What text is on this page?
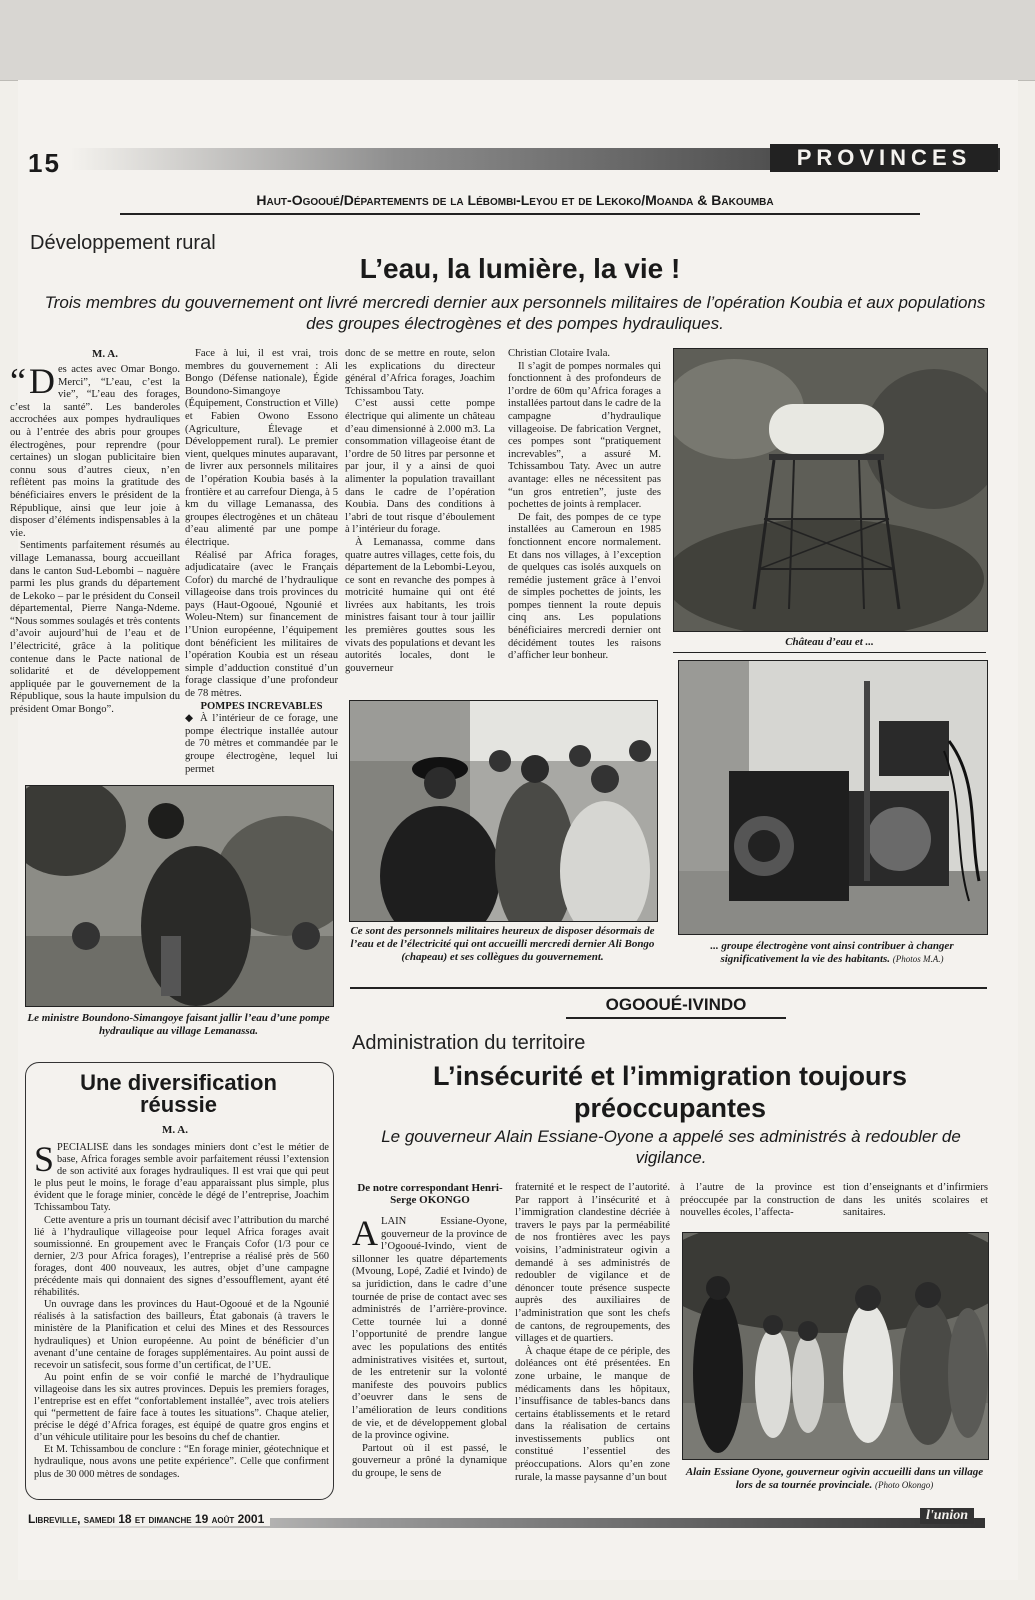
15	PROVINCES
Haut-Ogooué/Départements de la Lébombi-Leyou et de Lekoko/Moanda & Bakoumba
Développement rural
L’eau, la lumière, la vie !
Trois membres du gouvernement ont livré mercredi dernier aux personnels militaires de l’opération Koubia et aux populations des groupes électrogènes et des pompes hydrauliques.
M. A.

“ D es actes avec Omar Bongo. Merci”, “L’eau, c’est la vie”, “L’eau des forages, c’est la santé”. Les banderoles accrochées aux pompes hydrauliques ou à l’entrée des abris pour groupes électrogènes, pour reprendre (pour certaines) un slogan publicitaire bien connu sous d’autres cieux, n’en reflètent pas moins la gratitude des bénéficiaires envers le président de la République, ainsi que leur joie à disposer d’éléments indispensables à la vie.

Sentiments parfaitement résumés au village Lemanassa, bourg accueillant dans le canton Sud-Lebombi – naguère parmi les plus grands du département de Lekoko – par le président du Conseil départemental, Pierre Nanga-Ndeme. “Nous sommes soulagés et très contents d’avoir aujourd’hui de l’eau et de l’électricité, grâce à la politique contenue dans le Pacte national de solidarité et de développement appliquée par le gouvernement de la République, sous la haute impulsion du président Omar Bongo”.

Face à lui, il est vrai, trois membres du gouvernement : Ali Bongo (Défense nationale), Égide Boundono-Simangoye (Équipement, Construction et Ville) et Fabien Owono Essono (Agriculture, Élevage et Développement rural). Le premier vient, quelques minutes auparavant, de livrer aux personnels militaires de l’opération Koubia basés à la frontière et au carrefour Dienga, à 5 km du village Lemanassa, des groupes électrogènes et un château d’eau alimenté par une pompe électrique.

Réalisé par Africa forages, adjudicataire (avec le Français Cofor) du marché de l’hydraulique villageoise dans trois provinces du pays (Haut-Ogooué, Ngounié et Woleu-Ntem) sur financement de l’Union européenne, l’équipement dont bénéficient les militaires de l’opération Koubia est un réseau simple d’adduction constitué d’un forage classique d’une profondeur de 78 mètres.

POMPES INCREVABLES

◆ À l’intérieur de ce forage, une pompe électrique installée autour de 70 mètres et commandée par le groupe électrogène, lequel lui permet

donc de se mettre en route, selon les explications du directeur général d’Africa forages, Joachim Tchissambou Taty.

C’est aussi cette pompe électrique qui alimente un château d’eau dimensionné à 2.000 m3. La consommation villageoise étant de l’ordre de 50 litres par personne et par jour, il y a ainsi de quoi alimenter la population travaillant dans le cadre de l’opération Koubia. Dans des conditions à l’abri de tout risque d’éboulement à l’intérieur du forage.

À Lemanassa, comme dans quatre autres villages, cette fois, du département de la Lebombi-Leyou, ce sont en revanche des pompes à motricité humaine qui ont été livrées aux habitants, les trois ministres faisant tour à tour jaillir les premières gouttes sous les vivats des populations et devant les autorités locales, dont le gouverneur

Christian Clotaire Ivala.

Il s’agit de pompes normales qui fonctionnent à des profondeurs de l’ordre de 60m qu’Africa forages a installées partout dans le cadre de la campagne d’hydraulique villageoise. De fabrication Vergnet, ces pompes sont “pratiquement increvables”, a assuré M. Tchissambou Taty. Avec un autre avantage: elles ne nécessitent pas “un gros entretien”, juste des pochettes de joints à remplacer.

De fait, des pompes de ce type installées au Cameroun en 1985 fonctionnent encore normalement. Et dans nos villages, à l’exception de quelques cas isolés auxquels on remédie justement grâce à l’envoi de simples pochettes de joints, les pompes tiennent la route depuis cinq ans. Les populations bénéficiaires mercredi dernier ont décidément toutes les raisons d’afficher leur bonheur.

Château d’eau et ...
... groupe électrogène vont ainsi contribuer à changer significativement la vie des habitants. (Photos M.A.)
Ce sont des personnels militaires heureux de disposer désormais de l’eau et de l’électricité qui ont accueilli mercredi dernier Ali Bongo (chapeau) et ses collègues du gouvernement.
Le ministre Boundono-Simangoye faisant jallir l’eau d’une pompe hydraulique au village Lemanassa.
Une diversification réussie
M. A.

SPECIALISÉ dans les sondages miniers dont c’est le métier de base, Africa forages semble avoir parfaitement réussi l’extension de son activité aux forages hydrauliques. Il est vrai que qui peut le plus peut le moins, le forage d’eau apparaissant plus simple, plus évident que le forage minier, concède le dégé de l’entreprise, Joachim Tchissambou Taty.

Cette aventure a pris un tournant décisif avec l’attribution du marché lié à l’hydraulique villageoise pour lequel Africa forages avait soumissionné. En groupement avec le Français Cofor (1/3 pour ce dernier, 2/3 pour Africa forages), l’entreprise a réalisé près de 560 forages, dont 400 nouveaux, les autres, objet d’une campagne précédente mais qui donnaient des signes d’essoufflement, ayant été réhabilités.

Un ouvrage dans les provinces du Haut-Ogooué et de la Ngounié réalisés à la satisfaction des bailleurs, État gabonais (à travers le ministère de la Planification et celui des Mines et des Ressources hydrauliques) et Union européenne. Au point de bénéficier d’un avenant d’une centaine de forages supplémentaires. Au point aussi de recevoir un satisfecit, sous forme d’un certificat, de l’UE.

Au point enfin de se voir confié le marché de l’hydraulique villageoise dans les six autres provinces. Depuis les premiers forages, l’entreprise est en effet “confortablement installée”, avec trois ateliers qui “permettent de faire face à toutes les situations”. Chaque atelier, précise le dégé d’Africa forages, est équipé de quatre gros engins et d’un véhicule utilitaire pour les besoins du chef de chantier.

Et M. Tchissambou de conclure : “En forage minier, géotechnique et hydraulique, nous avons une petite expérience”. Celle que confirment plus de 30 000 mètres de sondages.

OGOOUÉ-IVINDO
Administration du territoire
L’insécurité et l’immigration toujours préoccupantes
Le gouverneur Alain Essiane-Oyone a appelé ses administrés à redoubler de vigilance.
De notre correspondant Henri-Serge OKONGO

ALAIN Essiane-Oyone, gouverneur de la province de l’Ogooué-Ivindo, vient de sillonner les quatre départements (Mvoung, Lopé, Zadié et Ivindo) de sa juridiction, dans le cadre d’une tournée de prise de contact avec ses administrés de l’arrière-province. Cette tournée lui a donné l’opportunité de prendre langue avec les populations des entités administratives visitées et, surtout, de les entretenir sur la volonté manifeste des pouvoirs publics d’oeuvrer dans le sens de l’amélioration de leurs conditions de vie, et de développement global de la province ogivine.

Partout où il est passé, le gouverneur a prôné la dynamique du groupe, le sens de

fraternité et le respect de l’autorité. Par rapport à l’insécurité et à l’immigration clandestine décriée à travers le pays par la perméabilité de nos frontières avec les pays voisins, l’administrateur ogivin a demandé à ses administrés de redoubler de vigilance et de dénoncer toute présence suspecte auprès des auxiliaires de l’administration que sont les chefs de cantons, de regroupements, des villages et de quartiers.

À chaque étape de ce périple, des doléances ont été présentées. En zone urbaine, le manque de médicaments dans les hôpitaux, l’insuffisance de tables-bancs dans certains établissements et le retard dans la réalisation de certains investissements publics ont constitué l’essentiel des préoccupations. Alors qu’en zone rurale, la masse paysanne d’un bout

à l’autre de la province est préoccupée par la construction de nouvelles écoles, l’affecta-

tion d’enseignants et d’infirmiers dans les unités scolaires et sanitaires.

Alain Essiane Oyone, gouverneur ogivin accueilli dans un village lors de sa tournée provinciale. (Photo Okongo)
Libreville, samedi 18 et dimanche 19 août 2001	l'union
